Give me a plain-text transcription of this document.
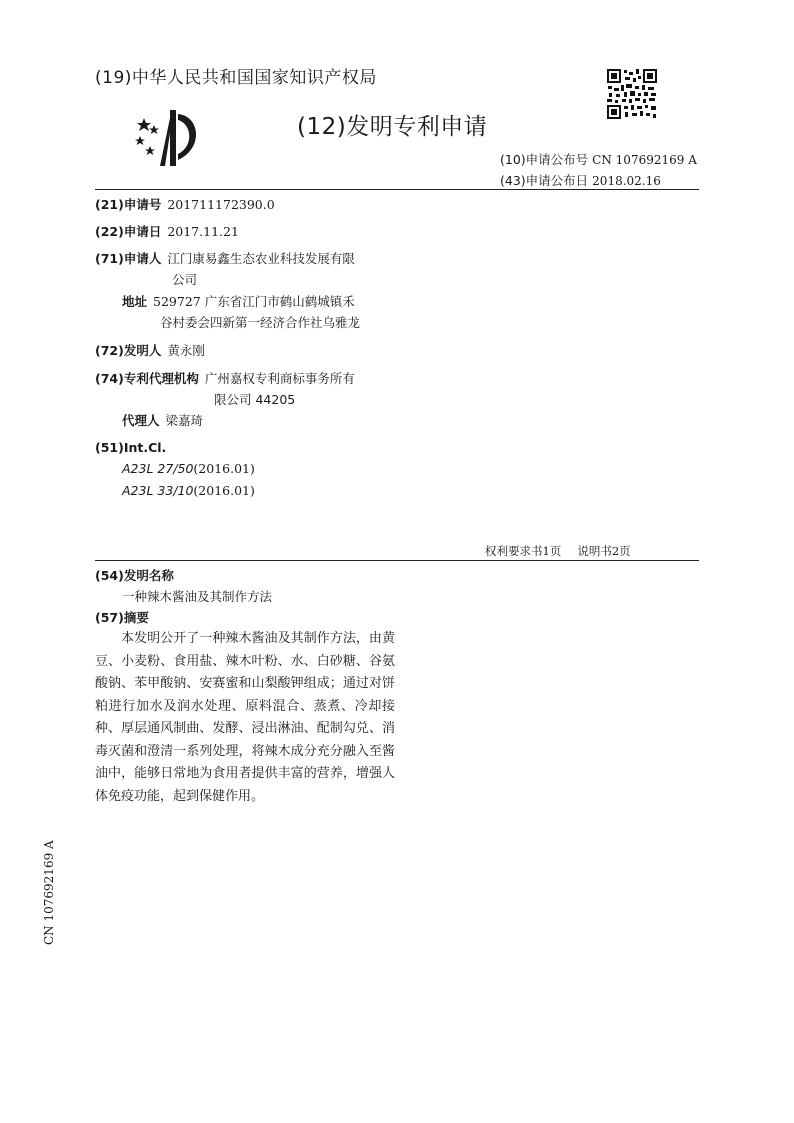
(19)中华人民共和国国家知识产权局
(12)发明专利申请
(10)申请公布号 CN 107692169 A
(43)申请公布日 2018.02.16
(21)申请号 201711172390.0
(22)申请日 2017.11.21
(71)申请人 江门康易鑫生态农业科技发展有限
公司
地址 529727 广东省江门市鹤山鹤城镇禾
谷村委会四新第一经济合作社乌雅龙
(72)发明人 黄永刚
(74)专利代理机构 广州嘉权专利商标事务所有
限公司 44205
代理人 梁嘉琦
(51)Int.Cl.
A23L 27/50(2016.01)
A23L 33/10(2016.01)
权利要求书1页 说明书2页
(54)发明名称
一种辣木酱油及其制作方法
(57)摘要
本发明公开了一种辣木酱油及其制作方法，由黄豆、小麦粉、食用盐、辣木叶粉、水、白砂糖、谷氨酸钠、苯甲酸钠、安赛蜜和山梨酸钾组成；通过对饼粕进行加水及润水处理、原料混合、蒸煮、冷却接种、厚层通风制曲、发酵、浸出淋油、配制勾兑、消毒灭菌和澄清一系列处理，将辣木成分充分融入至酱油中，能够日常地为食用者提供丰富的营养，增强人体免疫功能，起到保健作用。
CN 107692169 A
